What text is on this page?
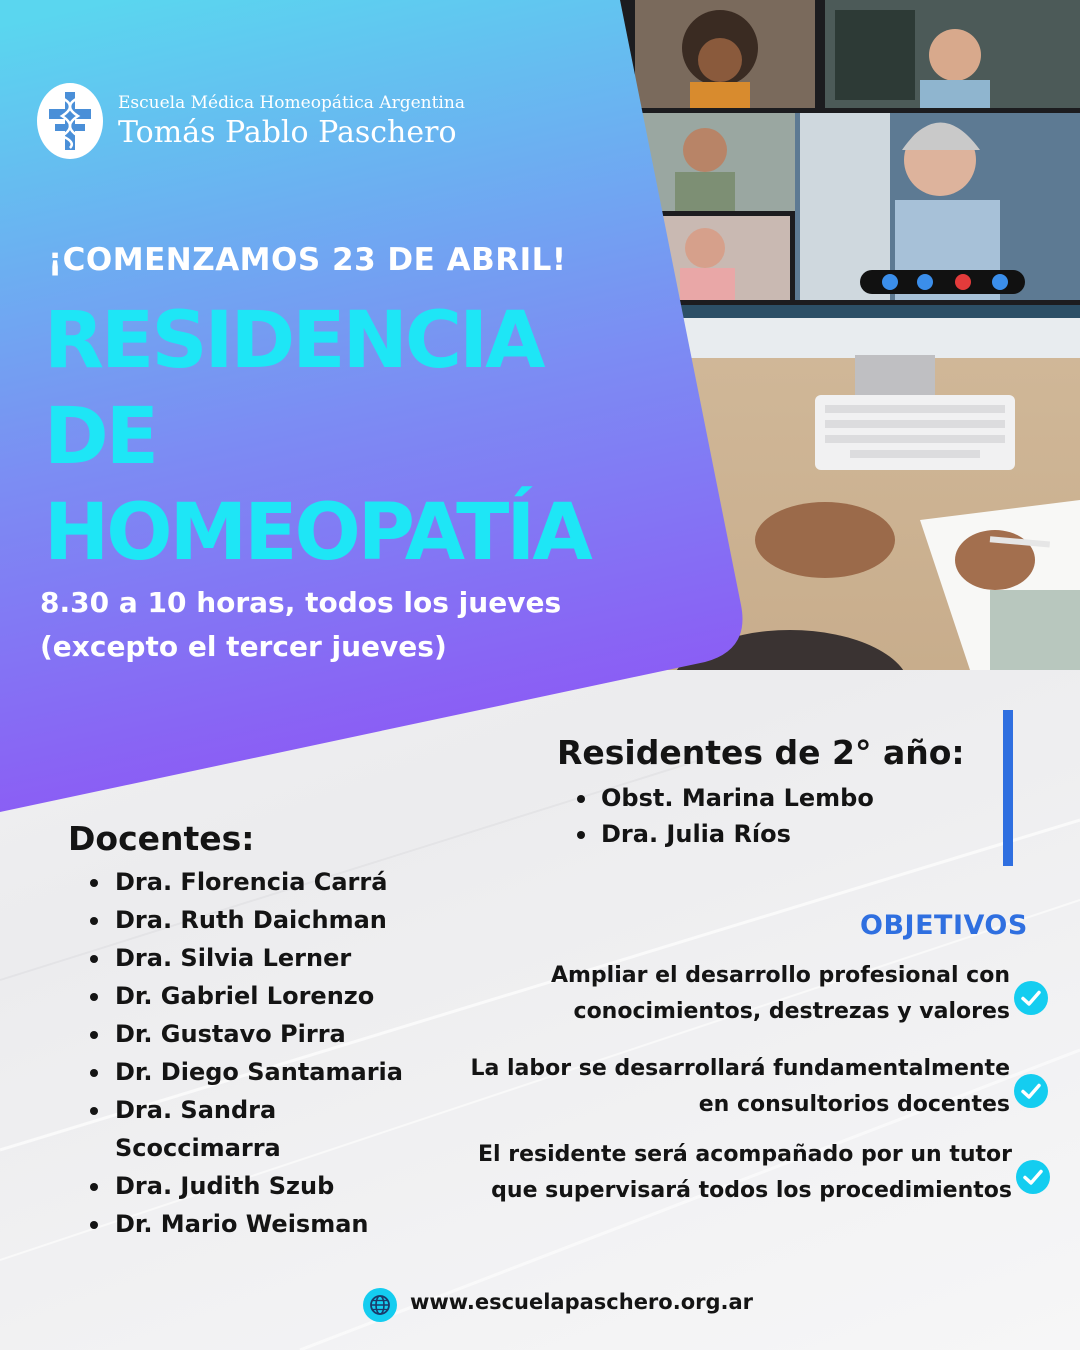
Escuela Médica Homeopática Argentina
Tomás Pablo Paschero
¡COMENZAMOS 23 DE ABRIL!
RESIDENCIA
DE
HOMEOPATÍA
8.30 a 10 horas, todos los jueves
(excepto el tercer jueves)
Residentes de 2° año:
Obst. Marina Lembo
Dra. Julia Ríos
Docentes:
Dra. Florencia Carrá
Dra. Ruth Daichman
Dra. Silvia Lerner
Dr. Gabriel Lorenzo
Dr. Gustavo Pirra
Dr. Diego Santamaria
Dra. Sandra
Scoccimarra
Dra. Judith Szub
Dr. Mario Weisman
OBJETIVOS
Ampliar el desarrollo profesional con
conocimientos, destrezas y valores
La labor se desarrollará fundamentalmente
en consultorios docentes
El residente será acompañado por un tutor
que supervisará todos los procedimientos
www.escuelapaschero.org.ar
